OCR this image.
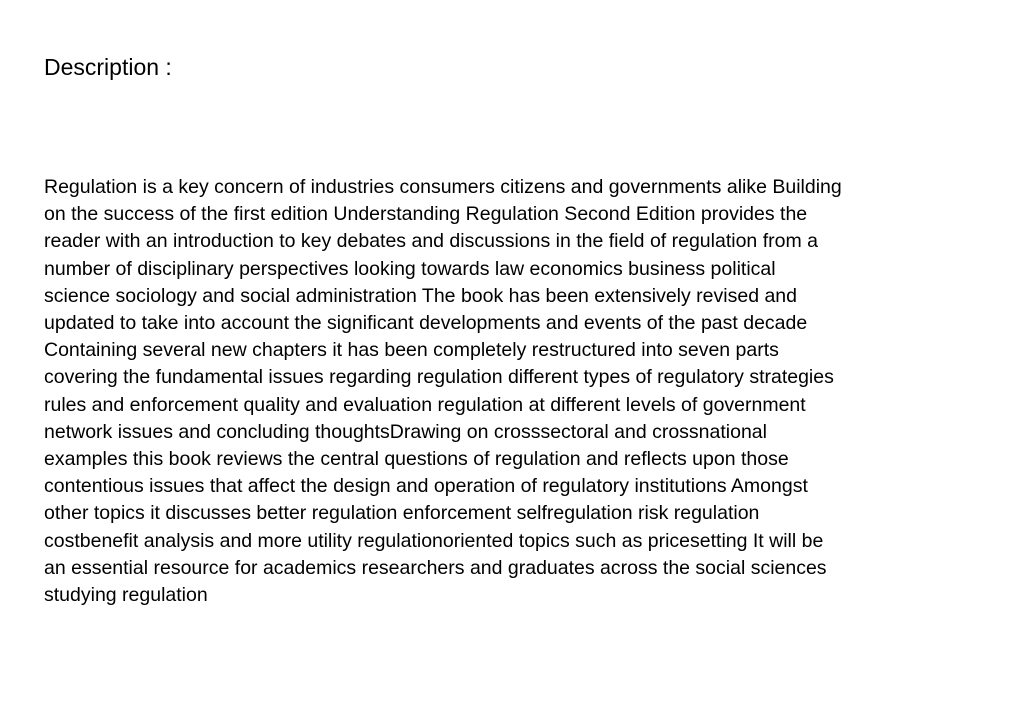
Description :
Regulation is a key concern of industries consumers citizens and governments alike Building
on the success of the first edition Understanding Regulation Second Edition provides the
reader with an introduction to key debates and discussions in the field of regulation from a
number of disciplinary perspectives looking towards law economics business political
science sociology and social administration The book has been extensively revised and
updated to take into account the significant developments and events of the past decade
Containing several new chapters it has been completely restructured into seven parts
covering the fundamental issues regarding regulation different types of regulatory strategies
rules and enforcement quality and evaluation regulation at different levels of government
network issues and concluding thoughtsDrawing on crosssectoral and crossnational
examples this book reviews the central questions of regulation and reflects upon those
contentious issues that affect the design and operation of regulatory institutions Amongst
other topics it discusses better regulation enforcement selfregulation risk regulation
costbenefit analysis and more utility regulationoriented topics such as pricesetting It will be
an essential resource for academics researchers and graduates across the social sciences
studying regulation
